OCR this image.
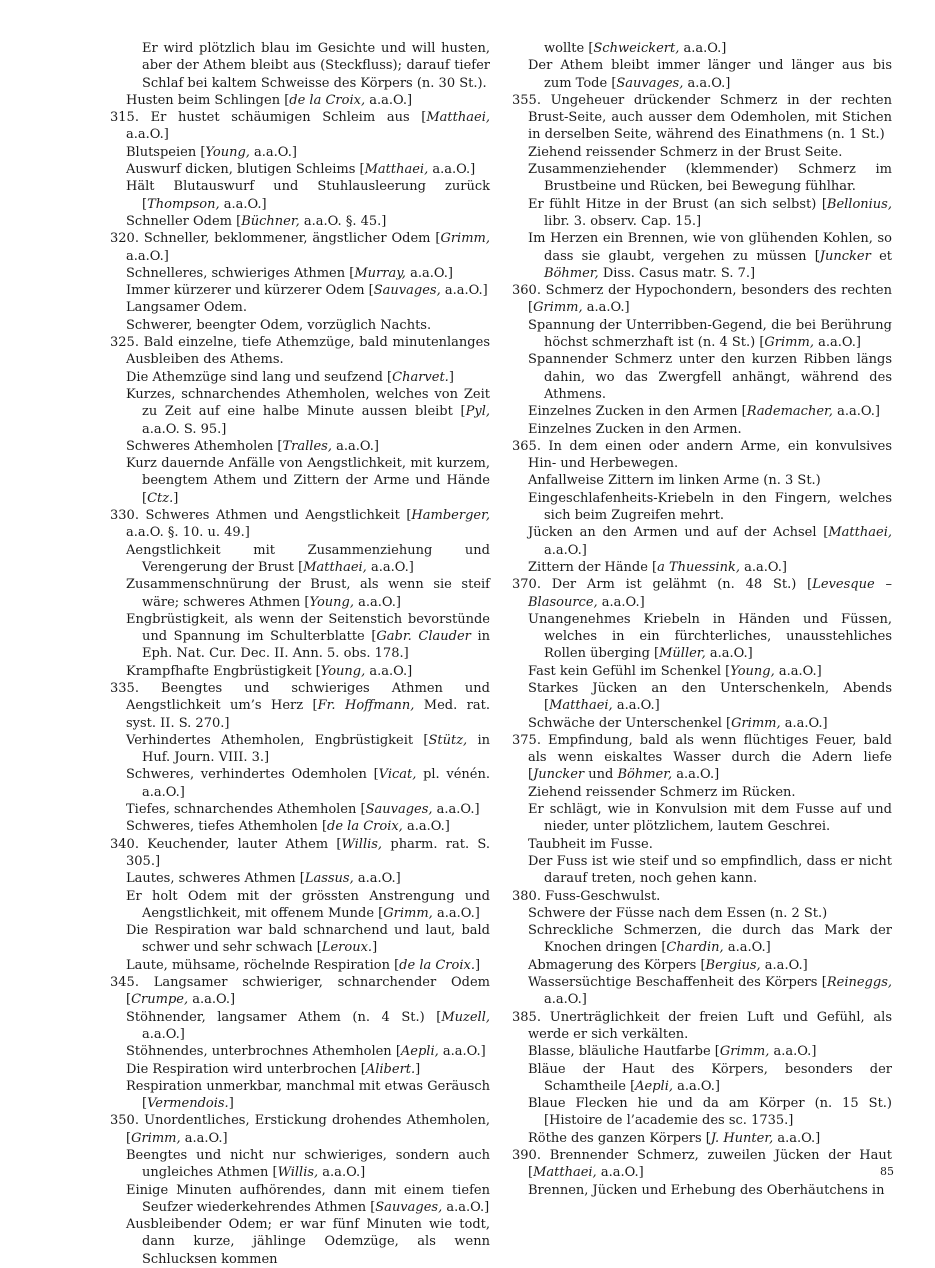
Er wird plötzlich blau im Gesichte und will husten, aber der Athem bleibt aus (Steckfluss); darauf tiefer Schlaf bei kaltem Schweisse des Körpers (n. 30 St.).

Husten beim Schlingen [de la Croix, a.a.O.]

315. Er hustet schäumigen Schleim aus [Matthaei, a.a.O.]

Blutspeien [Young, a.a.O.]

Auswurf dicken, blutigen Schleims [Matthaei, a.a.O.]

Hält Blutauswurf und Stuhlausleerung zurück [Thompson, a.a.O.]

Schneller Odem [Büchner, a.a.O. §. 45.]

320. Schneller, beklommener, ängstlicher Odem [Grimm, a.a.O.]

Schnelleres, schwieriges Athmen [Murray, a.a.O.]

Immer kürzerer und kürzerer Odem [Sauvages, a.a.O.]

Langsamer Odem.

Schwerer, beengter Odem, vorzüglich Nachts.

325. Bald einzelne, tiefe Athemzüge, bald minutenlanges Ausbleiben des Athems.

Die Athemzüge sind lang und seufzend [Charvet.]

Kurzes, schnarchendes Athemholen, welches von Zeit zu Zeit auf eine halbe Minute aussen bleibt [Pyl, a.a.O. S. 95.]

Schweres Athemholen [Tralles, a.a.O.]

Kurz dauernde Anfälle von Aengstlichkeit, mit kurzem, beengtem Athem und Zittern der Arme und Hände [Ctz.]

330. Schweres Athmen und Aengstlichkeit [Hamberger, a.a.O. §. 10. u. 49.]

Aengstlichkeit mit Zusammenziehung und Verengerung der Brust [Matthaei, a.a.O.]

Zusammenschnürung der Brust, als wenn sie steif wäre; schweres Athmen [Young, a.a.O.]

Engbrüstigkeit, als wenn der Seitenstich bevorstünde und Spannung im Schulterblatte [Gabr. Clauder in Eph. Nat. Cur. Dec. II. Ann. 5. obs. 178.]

Krampfhafte Engbrüstigkeit [Young, a.a.O.]

335. Beengtes und schwieriges Athmen und Aengstlichkeit um’s Herz [Fr. Hoffmann, Med. rat. syst. II. S. 270.]

Verhindertes Athemholen, Engbrüstigkeit [Stütz, in Huf. Journ. VIII. 3.]

Schweres, verhindertes Odemholen [Vicat, pl. vénén. a.a.O.]

Tiefes, schnarchendes Athemholen [Sauvages, a.a.O.]

Schweres, tiefes Athemholen [de la Croix, a.a.O.]

340. Keuchender, lauter Athem [Willis, pharm. rat. S. 305.]

Lautes, schweres Athmen [Lassus, a.a.O.]

Er holt Odem mit der grössten Anstrengung und Aengstlichkeit, mit offenem Munde [Grimm, a.a.O.]

Die Respiration war bald schnarchend und laut, bald schwer und sehr schwach [Leroux.]

Laute, mühsame, röchelnde Respiration [de la Croix.]

345. Langsamer schwieriger, schnarchender Odem [Crumpe, a.a.O.]

Stöhnender, langsamer Athem (n. 4 St.) [Muzell, a.a.O.]

Stöhnendes, unterbrochnes Athemholen [Aepli, a.a.O.]

Die Respiration wird unterbrochen [Alibert.]

Respiration unmerkbar, manchmal mit etwas Geräusch [Vermendois.]

350. Unordentliches, Erstickung drohendes Athemholen, [Grimm, a.a.O.]

Beengtes und nicht nur schwieriges, sondern auch ungleiches Athmen [Willis, a.a.O.]

Einige Minuten aufhörendes, dann mit einem tiefen Seufzer wiederkehrendes Athmen [Sauvages, a.a.O.]

Ausbleibender Odem; er war fünf Minuten wie todt, dann kurze, jählinge Odemzüge, als wenn Schlucksen kommen

wollte [Schweickert, a.a.O.]

Der Athem bleibt immer länger und länger aus bis zum Tode [Sauvages, a.a.O.]

355. Ungeheuer drückender Schmerz in der rechten Brust-Seite, auch ausser dem Odemholen, mit Stichen in derselben Seite, während des Einathmens (n. 1 St.)

Ziehend reissender Schmerz in der Brust Seite.

Zusammenziehender (klemmender) Schmerz im Brustbeine und Rücken, bei Bewegung fühlhar.

Er fühlt Hitze in der Brust (an sich selbst) [Bellonius, libr. 3. observ. Cap. 15.]

Im Herzen ein Brennen, wie von glühenden Kohlen, so dass sie glaubt, vergehen zu müssen [Juncker et Böhmer, Diss. Casus matr. S. 7.]

360. Schmerz der Hypochondern, besonders des rechten [Grimm, a.a.O.]

Spannung der Unterribben-Gegend, die bei Berührung höchst schmerzhaft ist (n. 4 St.) [Grimm, a.a.O.]

Spannender Schmerz unter den kurzen Ribben längs dahin, wo das Zwergfell anhängt, während des Athmens.

Einzelnes Zucken in den Armen [Rademacher, a.a.O.]

Einzelnes Zucken in den Armen.

365. In dem einen oder andern Arme, ein konvulsives Hin- und Herbewegen.

Anfallweise Zittern im linken Arme (n. 3 St.)

Eingeschlafenheits-Kriebeln in den Fingern, welches sich beim Zugreifen mehrt.

Jücken an den Armen und auf der Achsel [Matthaei, a.a.O.]

Zittern der Hände [a Thuessink, a.a.O.]

370. Der Arm ist gelähmt (n. 48 St.) [Levesque – Blasource, a.a.O.]

Unangenehmes Kriebeln in Händen und Füssen, welches in ein fürchterliches, unausstehliches Rollen überging [Müller, a.a.O.]

Fast kein Gefühl im Schenkel [Young, a.a.O.]

Starkes Jücken an den Unterschenkeln, Abends [Matthaei, a.a.O.]

Schwäche der Unterschenkel [Grimm, a.a.O.]

375. Empfindung, bald als wenn flüchtiges Feuer, bald als wenn eiskaltes Wasser durch die Adern liefe [Juncker und Böhmer, a.a.O.]

Ziehend reissender Schmerz im Rücken.

Er schlägt, wie in Konvulsion mit dem Fusse auf und nieder, unter plötzlichem, lautem Geschrei.

Taubheit im Fusse.

Der Fuss ist wie steif und so empfindlich, dass er nicht darauf treten, noch gehen kann.

380. Fuss-Geschwulst.

Schwere der Füsse nach dem Essen (n. 2 St.)

Schreckliche Schmerzen, die durch das Mark der Knochen dringen [Chardin, a.a.O.]

Abmagerung des Körpers [Bergius, a.a.O.]

Wassersüchtige Beschaffenheit des Körpers [Reineggs, a.a.O.]

385. Unerträglichkeit der freien Luft und Gefühl, als werde er sich verkälten.

Blasse, bläuliche Hautfarbe [Grimm, a.a.O.]

Bläue der Haut des Körpers, besonders der Schamtheile [Aepli, a.a.O.]

Blaue Flecken hie und da am Körper (n. 15 St.) [Histoire de l’academie des sc. 1735.]

Röthe des ganzen Körpers [J. Hunter, a.a.O.]

390. Brennender Schmerz, zuweilen Jücken der Haut [Matthaei, a.a.O.]

Brennen, Jücken und Erhebung des Oberhäutchens in

85
